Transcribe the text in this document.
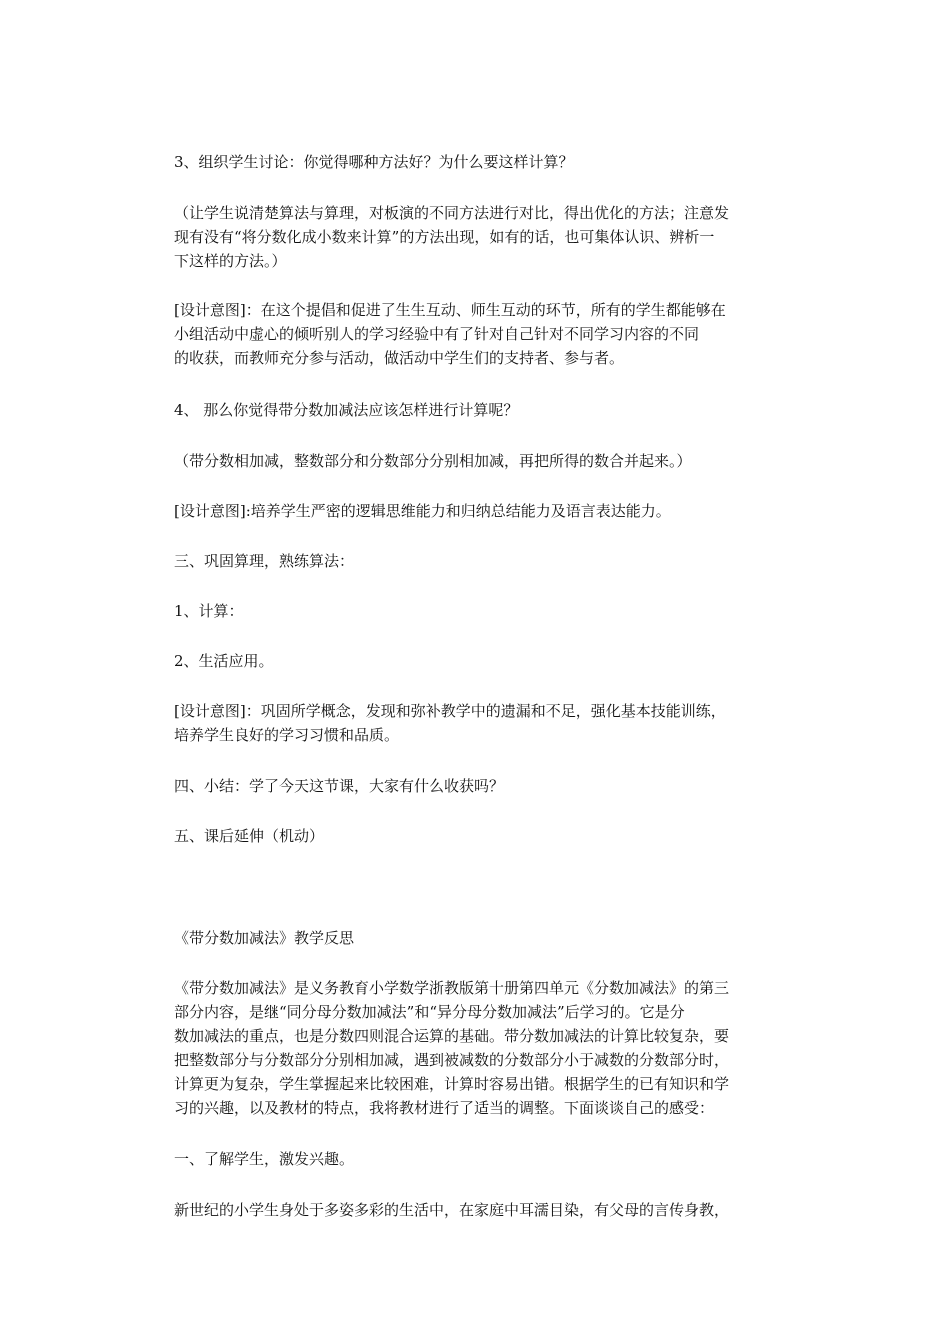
3、组织学生讨论：你觉得哪种方法好？为什么要这样计算？
（让学生说清楚算法与算理，对板演的不同方法进行对比，得出优化的方法；注意发
现有没有“将分数化成小数来计算”的方法出现，如有的话，也可集体认识、辨析一
下这样的方法。）
[设计意图]：在这个提倡和促进了生生互动、师生互动的环节，所有的学生都能够在
小组活动中虚心的倾听别人的学习经验中有了针对自己针对不同学习内容的不同
的收获，而教师充分参与活动，做活动中学生们的支持者、参与者。
4、 那么你觉得带分数加减法应该怎样进行计算呢？
（带分数相加减，整数部分和分数部分分别相加减，再把所得的数合并起来。）
[设计意图]:培养学生严密的逻辑思维能力和归纳总结能力及语言表达能力。
三、巩固算理，熟练算法：
1、计算：
2、生活应用。
[设计意图]：巩固所学概念，发现和弥补教学中的遗漏和不足，强化基本技能训练，
培养学生良好的学习习惯和品质。
四、小结：学了今天这节课，大家有什么收获吗？
五、课后延伸（机动）
《带分数加减法》教学反思
《带分数加减法》是义务教育小学数学浙教版第十册第四单元《分数加减法》的第三
部分内容，是继“同分母分数加减法”和“异分母分数加减法”后学习的。它是分
数加减法的重点，也是分数四则混合运算的基础。带分数加减法的计算比较复杂，要
把整数部分与分数部分分别相加减，遇到被减数的分数部分小于减数的分数部分时，
计算更为复杂，学生掌握起来比较困难，计算时容易出错。根据学生的已有知识和学
习的兴趣，以及教材的特点，我将教材进行了适当的调整。下面谈谈自己的感受：
一、了解学生，激发兴趣。
新世纪的小学生身处于多姿多彩的生活中，在家庭中耳濡目染，有父母的言传身教，
